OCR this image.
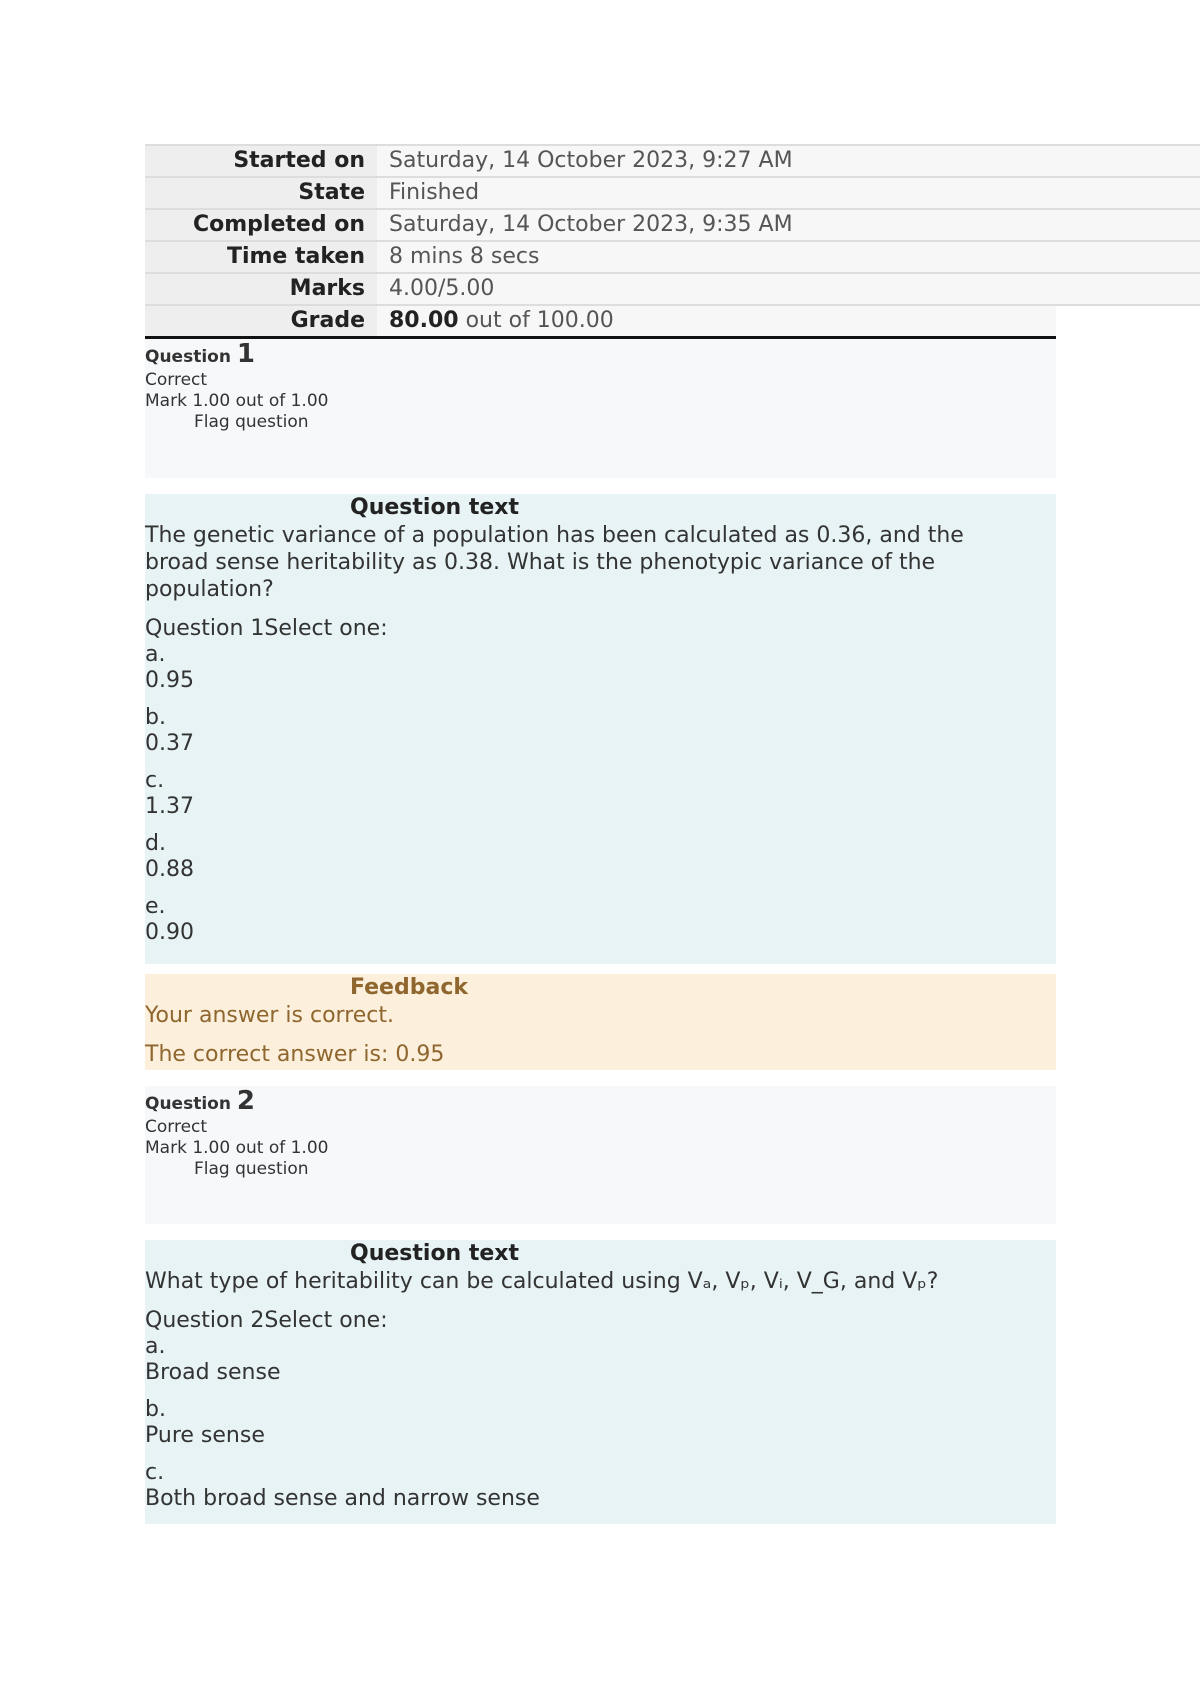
Started on	Saturday, 14 October 2023, 9:27 AM
State	Finished
Completed on	Saturday, 14 October 2023, 9:35 AM
Time taken	8 mins 8 secs
Marks	4.00/5.00
Grade	80.00 out of 100.00
Question 1
Correct
Mark 1.00 out of 1.00
Flag question
Question text
The genetic variance of a population has been calculated as 0.36, and the broad sense heritability as 0.38. What is the phenotypic variance of the population?
Question 1Select one:
a.
0.95
b.
0.37
c.
1.37
d.
0.88
e.
0.90
Feedback
Your answer is correct.
The correct answer is: 0.95
Question 2
Correct
Mark 1.00 out of 1.00
Flag question
Question text
What type of heritability can be calculated using Vₐ, Vₚ, Vᵢ, V_G, and Vₚ?
Question 2Select one:
a.
Broad sense
b.
Pure sense
c.
Both broad sense and narrow sense
